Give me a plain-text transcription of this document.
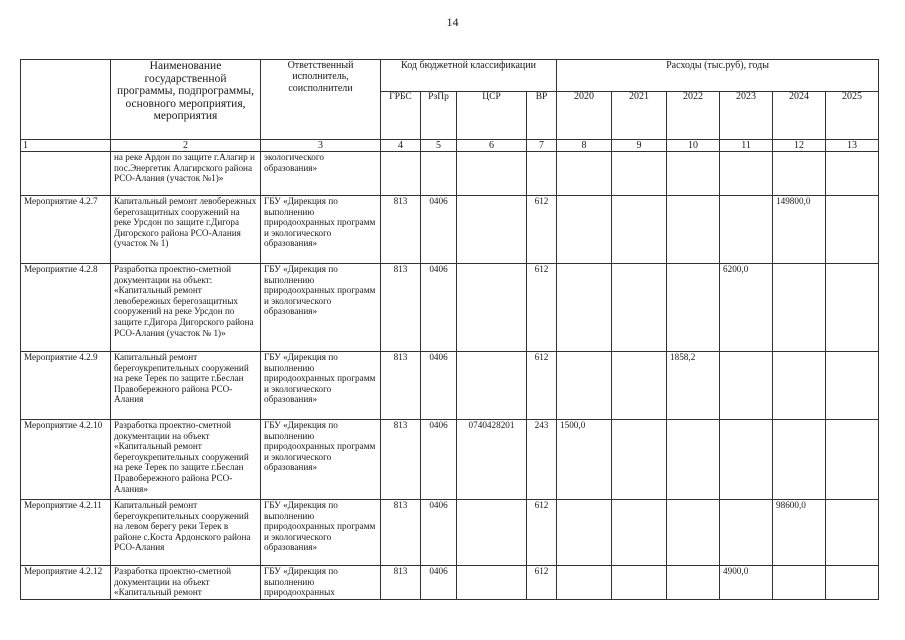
14
	Наименование государственной программы, подпрограммы, основного мероприятия, мероприятия	Ответственный исполнитель, соисполнители	Код бюджетной классификации				Расходы (тыс.руб), годы					
			ГРБС	РзПр	ЦСР	ВР	2020	2021	2022	2023	2024	2025
1	2	3	4	5	6	7	8	9	10	11	12	13
	на реке Ардон по защите г.Алагир и пос.Энергетик Алагирского района РСО-Алания (участок №1)»	экологического образования»										
Мероприятие 4.2.7	Капитальный ремонт левобережных берегозащитных сооружений на реке Урсдон по защите г.Дигора Дигорского района РСО-Алания (участок № 1)	ГБУ «Дирекция по выполнению природоохранных программ и экологического образования»	813	0406		612					149800,0	
Мероприятие 4.2.8	Разработка проектно-сметной документации на объект: «Капитальный ремонт левобережных берегозащитных сооружений на реке Урсдон по защите г.Дигора Дигорского района РСО-Алания (участок № 1)»	ГБУ «Дирекция по выполнению природоохранных программ и экологического образования»	813	0406		612				6200,0		
Мероприятие 4.2.9	Капитальный ремонт берегоукрепительных сооружений на реке Терек по защите г.Беслан Правобережного района РСО-Алания	ГБУ «Дирекция по выполнению природоохранных программ и экологического образования»	813	0406		612			1858,2			
Мероприятие 4.2.10	Разработка проектно-сметной документации на объект «Капитальный ремонт берегоукрепительных сооружений на реке Терек по защите г.Беслан Правобережного района РСО-Алания»	ГБУ «Дирекция по выполнению природоохранных программ и экологического образования»	813	0406	0740428201	243	1500,0					
Мероприятие 4.2.11	Капитальный ремонт берегоукрепительных сооружений на левом берегу реки Терек в районе с.Коста Ардонского района РСО-Алания	ГБУ «Дирекция по выполнению природоохранных программ и экологического образования»	813	0406		612					98600,0	
Мероприятие 4.2.12	Разработка проектно-сметной документации на объект «Капитальный ремонт	ГБУ «Дирекция по выполнению природоохранных	813	0406		612				4900,0		
